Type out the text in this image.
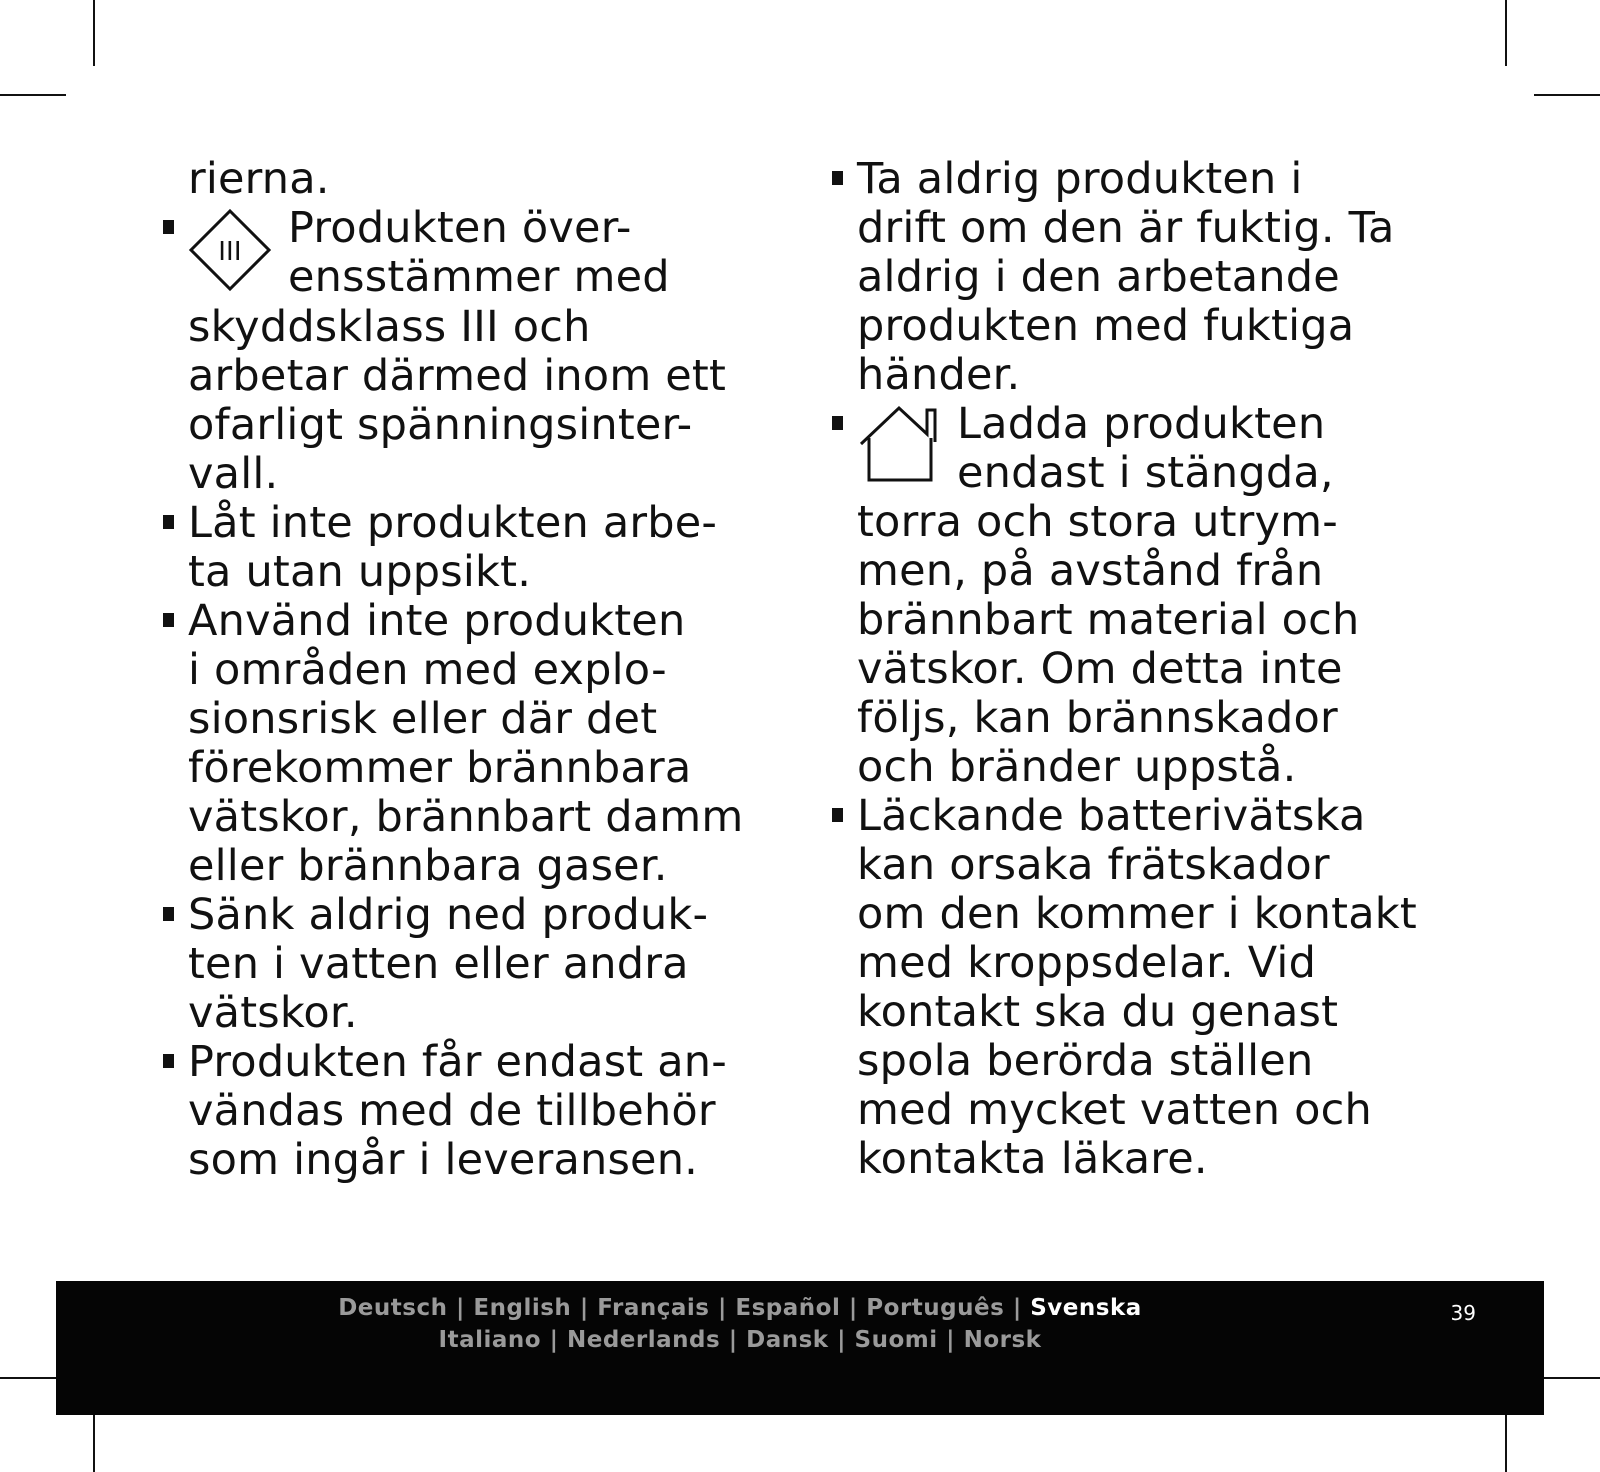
rierna.
III	Produkten över-
ensstämmer med
skyddsklass III och
arbetar därmed inom ett
ofarligt spänningsinter-
vall.
Låt inte produkten arbe-
ta utan uppsikt.
Använd inte produkten
i områden med explo-
sionsrisk eller där det
förekommer brännbara
vätskor, brännbart damm
eller brännbara gaser.
Sänk aldrig ned produk-
ten i vatten eller andra
vätskor.
Produkten får endast an-
vändas med de tillbehör
som ingår i leveransen.
Ta aldrig produkten i
drift om den är fuktig. Ta
aldrig i den arbetande
produkten med fuktiga
händer.
Ladda produkten
endast i stängda,
torra och stora utrym-
men, på avstånd från
brännbart material och
vätskor. Om detta inte
följs, kan brännskador
och bränder uppstå.
Läckande batterivätska
kan orsaka frätskador
om den kommer i kontakt
med kroppsdelar. Vid
kontakt ska du genast
spola berörda ställen
med mycket vatten och
kontakta läkare.
Deutsch | English | Français | Español | Português | Svenska
Italiano | Nederlands | Dansk | Suomi | Norsk
39
